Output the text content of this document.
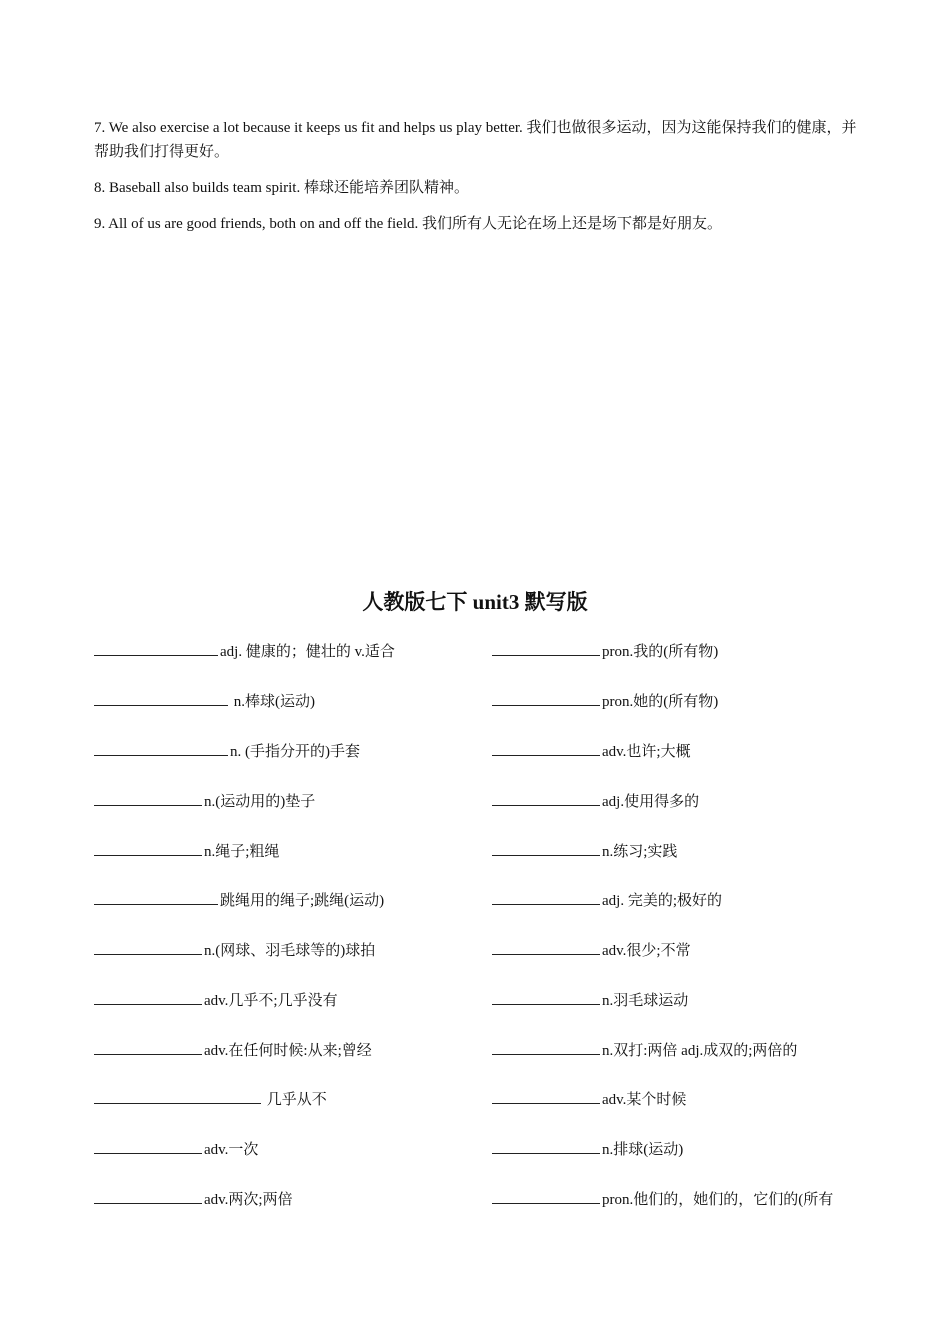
7. We also exercise a lot because it keeps us fit and helps us play better. 我们也做很多运动，因为这能保持我们的健康，并帮助我们打得更好。

8. Baseball also builds team spirit. 棒球还能培养团队精神。

9. All of us are good friends, both on and off the field. 我们所有人无论在场上还是场下都是好朋友。

人教版七下 unit3 默写版
adj. 健康的；健壮的 v.适合	pron.我的(所有物)
n.棒球(运动)	pron.她的(所有物)
n. (手指分开的)手套	adv.也许;大概
n.(运动用的)垫子	adj.使用得多的
n.绳子;粗绳	n.练习;实践
跳绳用的绳子;跳绳(运动)	adj. 完美的;极好的
n.(网球、羽毛球等的)球拍	adv.很少;不常
adv.几乎不;几乎没有	n.羽毛球运动
adv.在任何时候:从来;曾经	n.双打:两倍 adj.成双的;两倍的
几乎从不	adv.某个时候
adv.一次	n.排球(运动)
adv.两次;两倍	pron.他们的，她们的，它们的(所有
